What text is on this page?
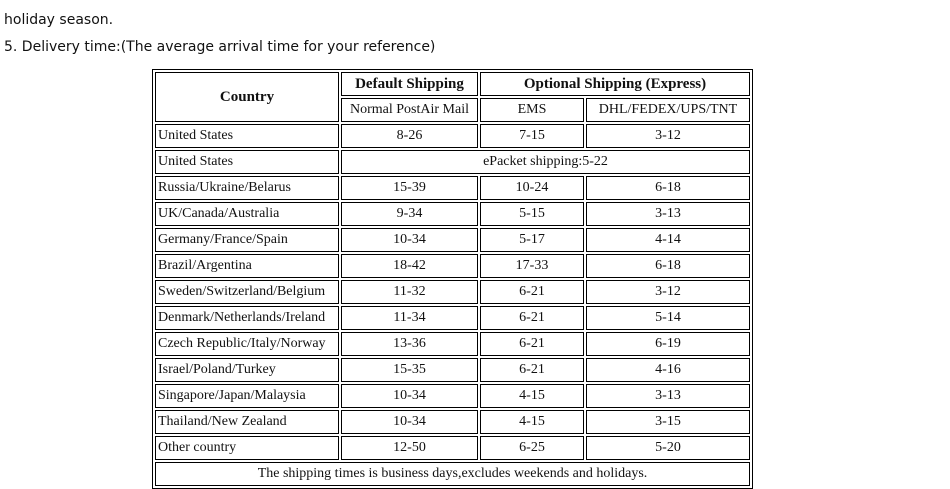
holiday season.
5. Delivery time:(The average arrival time for your reference)
Country	Default Shipping	Optional Shipping (Express)	
	Normal PostAir Mail	EMS	DHL/FEDEX/UPS/TNT
United States	8-26	7-15	3-12
United States	ePacket shipping:5-22		
Russia/Ukraine/Belarus	15-39	10-24	6-18
UK/Canada/Australia	9-34	5-15	3-13
Germany/France/Spain	10-34	5-17	4-14
Brazil/Argentina	18-42	17-33	6-18
Sweden/Switzerland/Belgium	11-32	6-21	3-12
Denmark/Netherlands/Ireland	11-34	6-21	5-14
Czech Republic/Italy/Norway	13-36	6-21	6-19
Israel/Poland/Turkey	15-35	6-21	4-16
Singapore/Japan/Malaysia	10-34	4-15	3-13
Thailand/New Zealand	10-34	4-15	3-15
Other country	12-50	6-25	5-20
The shipping times is business days,excludes weekends and holidays.			
